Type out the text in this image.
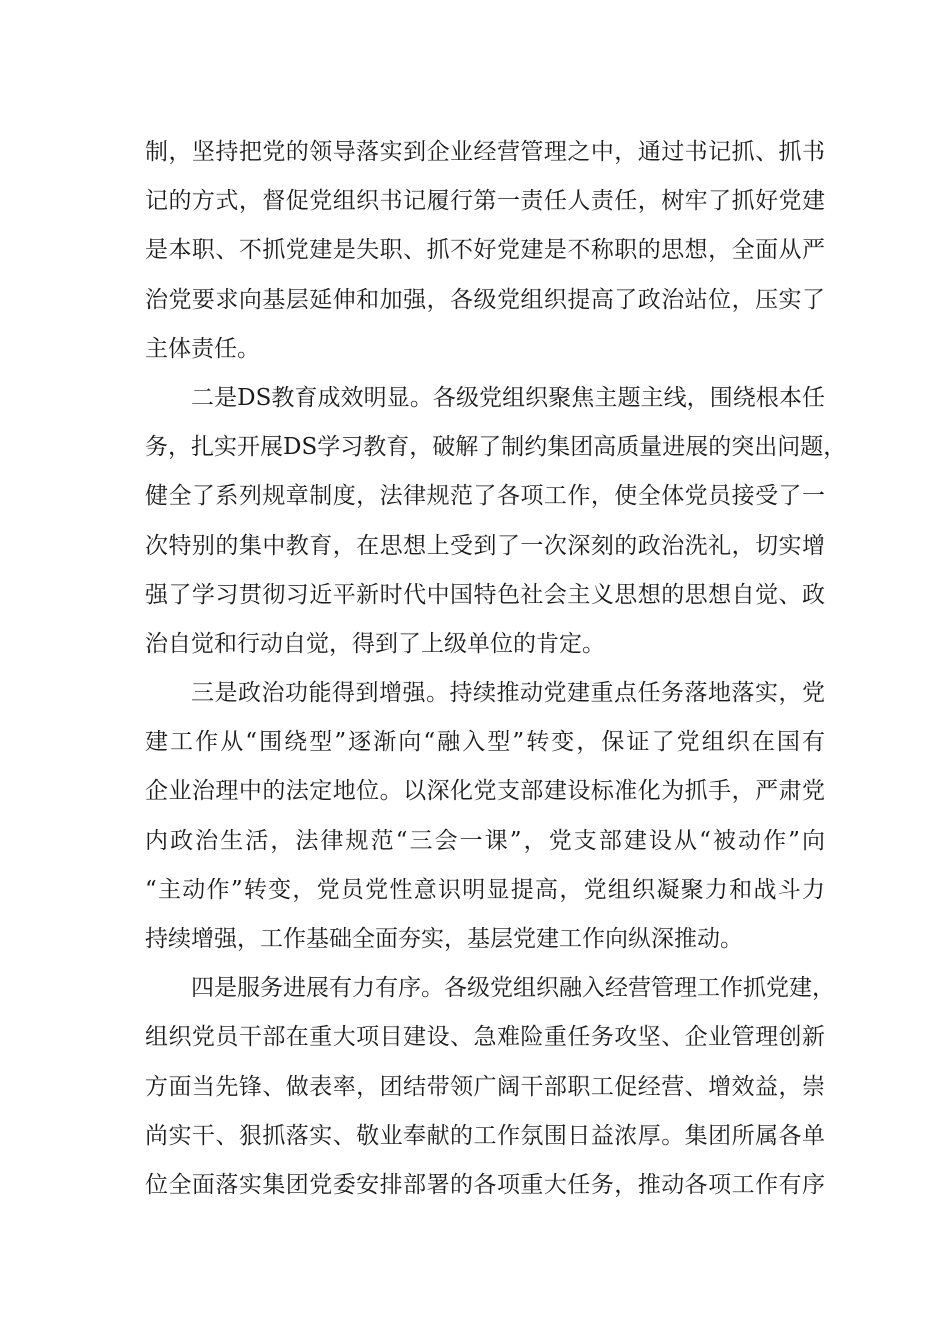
制，坚持把党的领导落实到企业经营管理之中，通过书记抓、抓书
记的方式，督促党组织书记履行第一责任人责任，树牢了抓好党建
是本职、不抓党建是失职、抓不好党建是不称职的思想，全面从严
治党要求向基层延伸和加强，各级党组织提高了政治站位，压实了
主体责任。
二是DS教育成效明显。各级党组织聚焦主题主线，围绕根本任
务，扎实开展DS学习教育，破解了制约集团高质量进展的突出问题，
健全了系列规章制度，法律规范了各项工作，使全体党员接受了一
次特别的集中教育，在思想上受到了一次深刻的政治洗礼，切实增
强了学习贯彻习近平新时代中国特色社会主义思想的思想自觉、政
治自觉和行动自觉，得到了上级单位的肯定。
三是政治功能得到增强。持续推动党建重点任务落地落实，党
建工作从“围绕型”逐渐向“融入型”转变，保证了党组织在国有
企业治理中的法定地位。以深化党支部建设标准化为抓手，严肃党
内政治生活，法律规范“三会一课”，党支部建设从“被动作”向
“主动作”转变，党员党性意识明显提高，党组织凝聚力和战斗力
持续增强，工作基础全面夯实，基层党建工作向纵深推动。
四是服务进展有力有序。各级党组织融入经营管理工作抓党建，
组织党员干部在重大项目建设、急难险重任务攻坚、企业管理创新
方面当先锋、做表率，团结带领广阔干部职工促经营、增效益，崇
尚实干、狠抓落实、敬业奉献的工作氛围日益浓厚。集团所属各单
位全面落实集团党委安排部署的各项重大任务，推动各项工作有序
